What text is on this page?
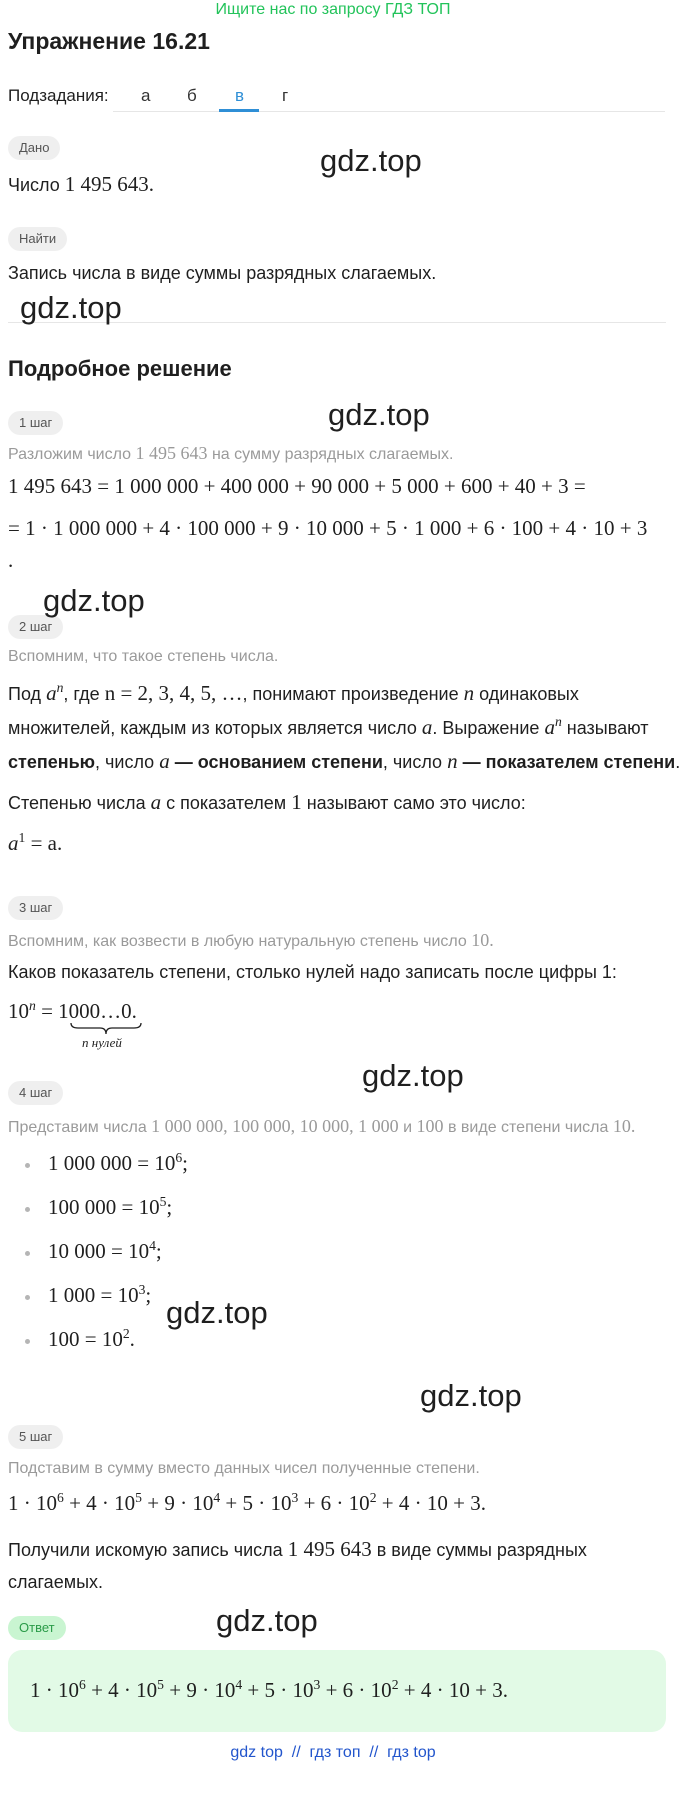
Ищите нас по запросу ГДЗ ТОП
Упражнение 16.21
Подзадания: а б в г
Дано
Число 1 495 643.
Найти
Запись числа в виде суммы разрядных слагаемых.
Подробное решение
1 шаг
Разложим число 1 495 643 на сумму разрядных слагаемых.
1 495 643 = 1 000 000 + 400 000 + 90 000 + 5 000 + 600 + 40 + 3 =
= 1 · 1 000 000 + 4 · 100 000 + 9 · 10 000 + 5 · 1 000 + 6 · 100 + 4 · 10 + 3
.
2 шаг
Вспомним, что такое степень числа.
Под $a^n$, где n = 2, 3, 4, 5, …, понимают произведение n одинаковых
множителей, каждым из которых является число a. Выражение $a^n$ называют
степенью, число a — основанием степени, число n — показателем степени.
Степенью числа a с показателем 1 называют само это число:
$a^1 = a$.
3 шаг
Вспомним, как возвести в любую натуральную степень число 10.
Каков показатель степени, столько нулей надо записать после цифры 1:
$10^n$ = 1000…0.
n нулей
4 шаг
Представим числа 1 000 000, 100 000, 10 000, 1 000 и 100 в виде степени числа 10.
1 000 $000 = 10^6$;
100 $000 = 10^5$;
10 $000 = 10^4$;
1 $000 = 10^3$;
$100 = 10^2$.
5 шаг
Подставим в сумму вместо данных чисел полученные степени.
$1 \cdot 10^6 + 4 \cdot 10^5 + 9 \cdot 10^4 + 5 \cdot 10^3 + 6 \cdot 10^2 + 4 \cdot 10 + 3$.
Получили искомую запись числа 1 495 643 в виде суммы разрядных
слагаемых.
Ответ
$1 \cdot 10^6 + 4 \cdot 10^5 + 9 \cdot 10^4 + 5 \cdot 10^3 + 6 \cdot 10^2 + 4 \cdot 10 + 3$.
gdz top  //  гдз топ  //  гдз top
gdz.top
gdz.top
gdz.top
gdz.top
gdz.top
gdz.top
gdz.top
gdz.top
